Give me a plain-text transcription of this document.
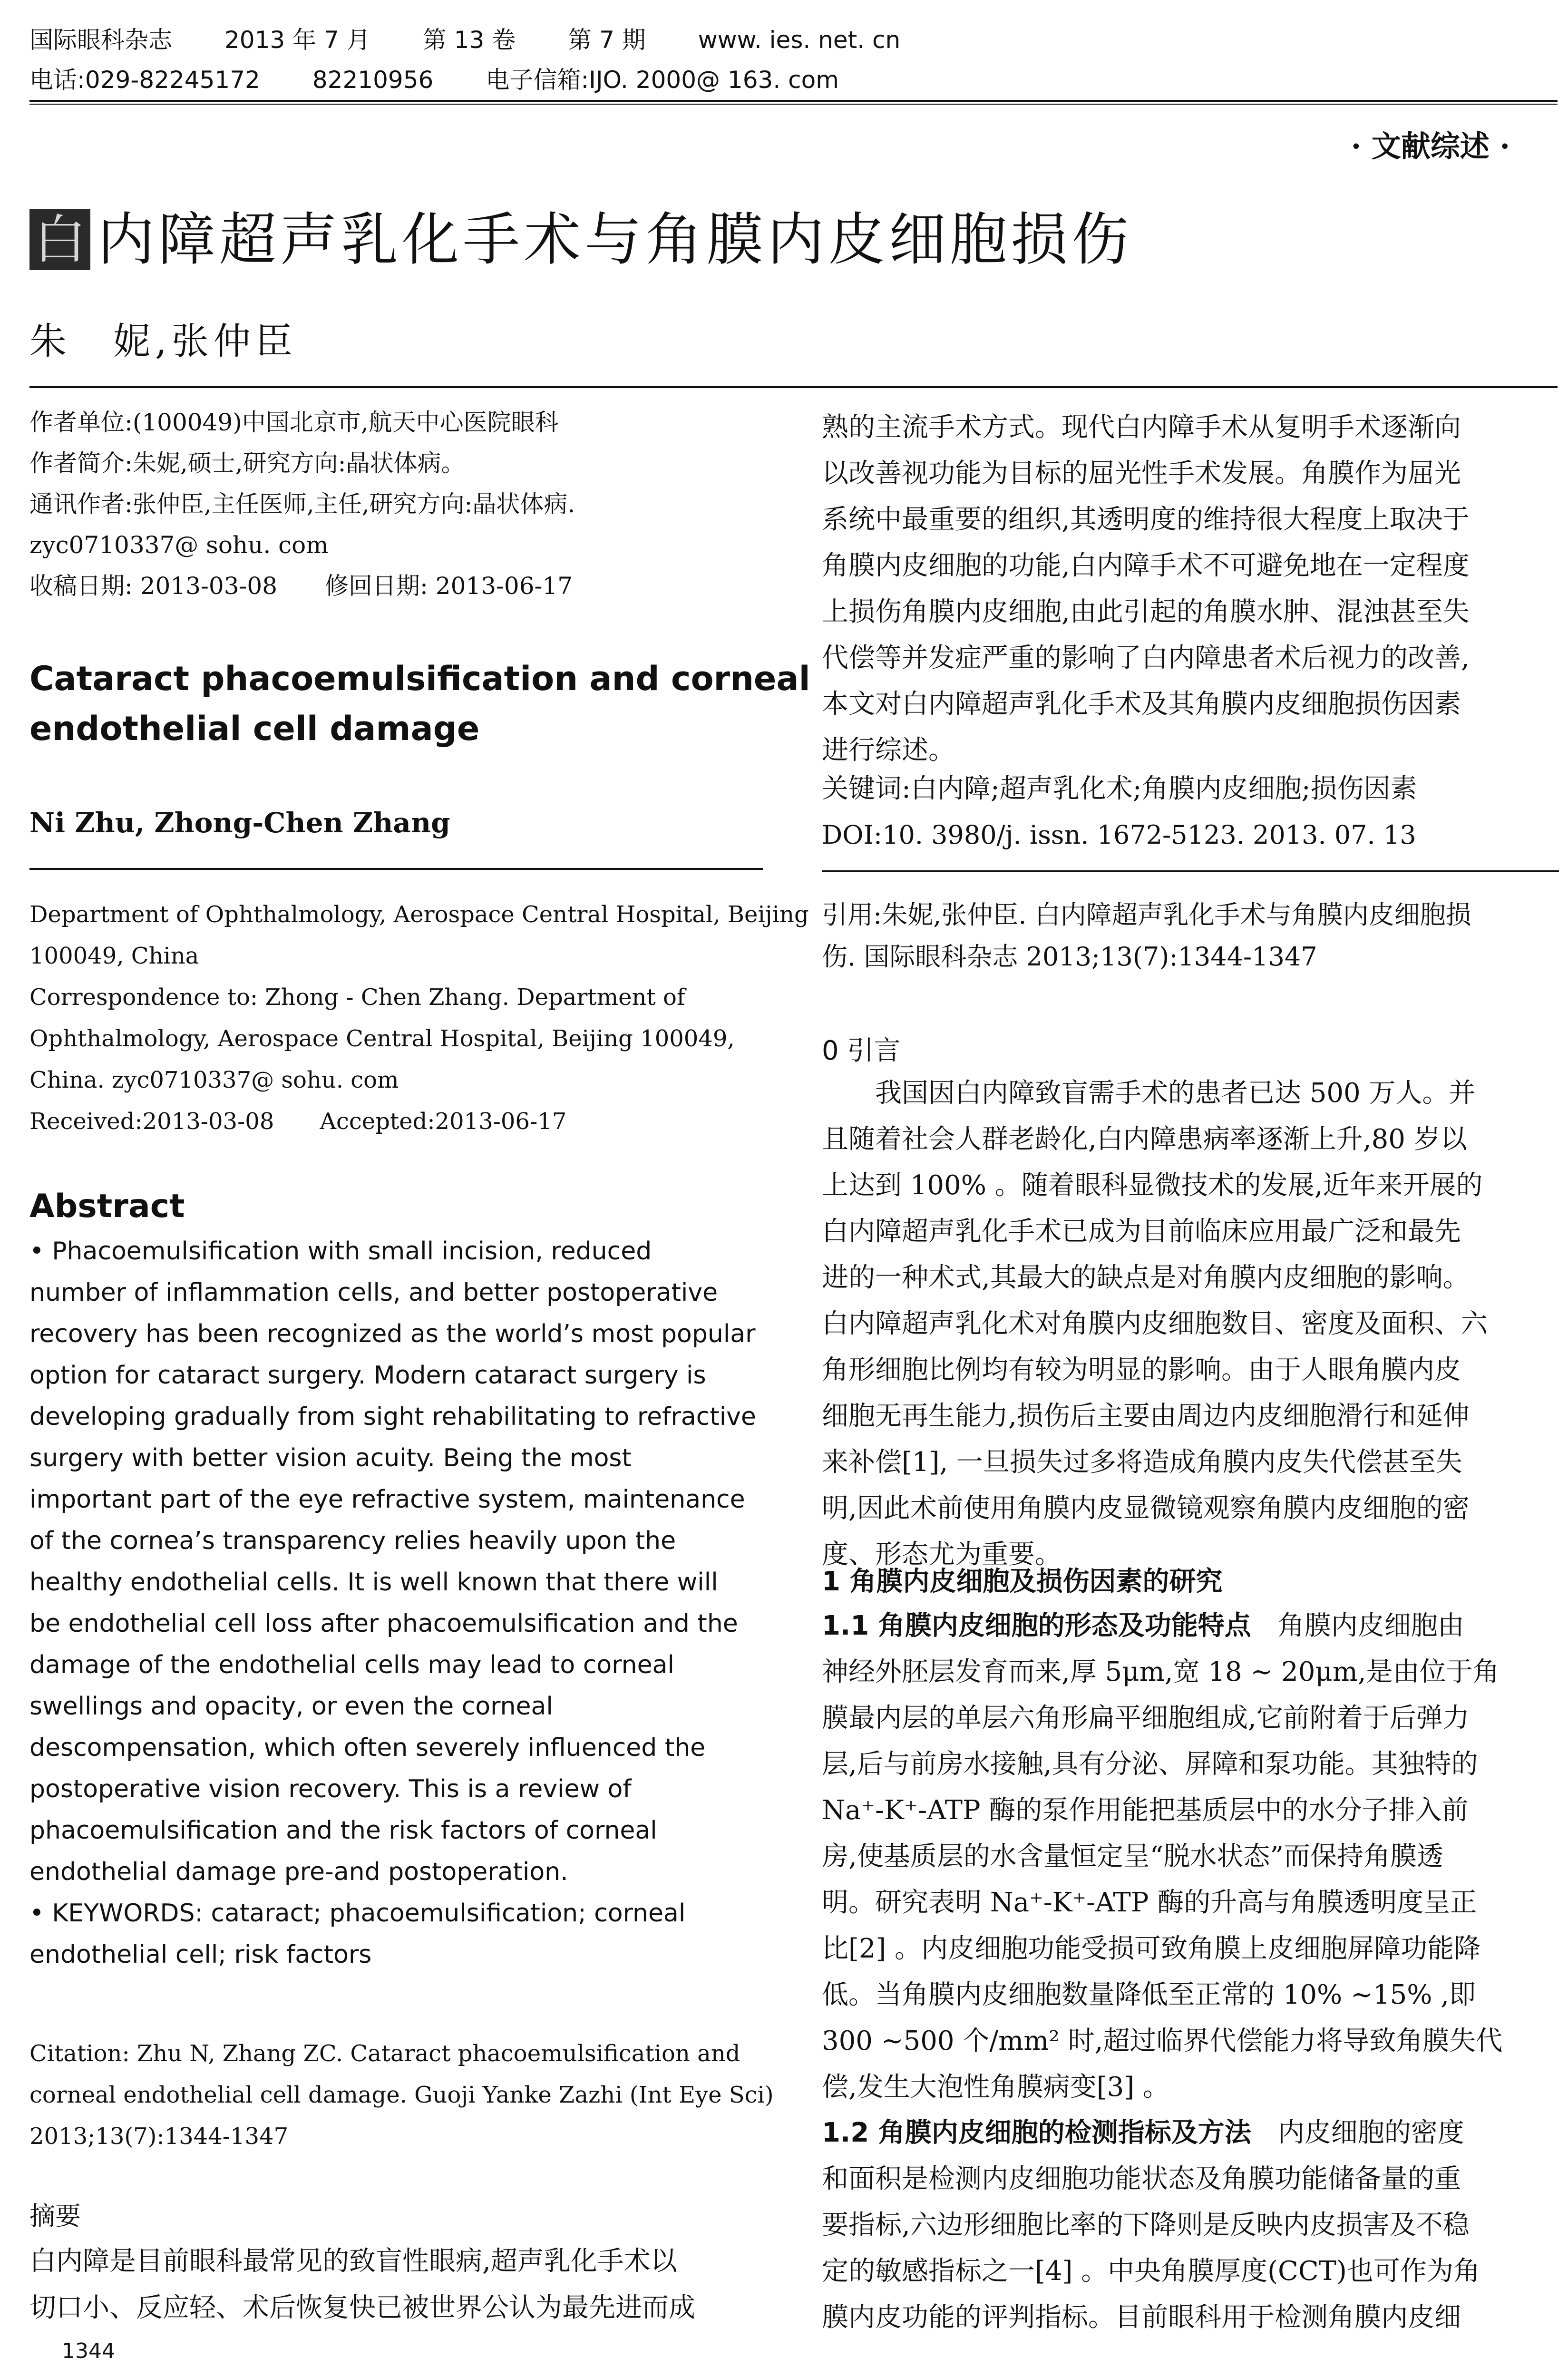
国际眼科杂志 2013 年 7 月 第 13 卷 第 7 期 www. ies. net. cn
电话:029-82245172 82210956 电子信箱:IJO. 2000@ 163. com
· 文献综述 ·
白 内障超声乳化手术与角膜内皮细胞损伤
朱　妮,张仲臣
作者单位:(100049)中国北京市,航天中心医院眼科
作者简介:朱妮,硕士,研究方向:晶状体病。
通讯作者:张仲臣,主任医师,主任,研究方向:晶状体病.
zyc0710337@ sohu. com
收稿日期: 2013-03-08　　修回日期: 2013-06-17
Cataract phacoemulsification and corneal
endothelial cell damage
Ni Zhu, Zhong-Chen Zhang
Department of Ophthalmology, Aerospace Central Hospital, Beijing
100049, China
Correspondence to: Zhong - Chen Zhang. Department of
Ophthalmology, Aerospace Central Hospital, Beijing 100049,
China. zyc0710337@ sohu. com
Received:2013-03-08　　Accepted:2013-06-17
Abstract
• Phacoemulsification with small incision, reduced
number of inflammation cells, and better postoperative
recovery has been recognized as the world’s most popular
option for cataract surgery. Modern cataract surgery is
developing gradually from sight rehabilitating to refractive
surgery with better vision acuity. Being the most
important part of the eye refractive system, maintenance
of the cornea’s transparency relies heavily upon the
healthy endothelial cells. It is well known that there will
be endothelial cell loss after phacoemulsification and the
damage of the endothelial cells may lead to corneal
swellings and opacity, or even the corneal
descompensation, which often severely influenced the
postoperative vision recovery. This is a review of
phacoemulsification and the risk factors of corneal
endothelial damage pre-and postoperation.
• KEYWORDS: cataract; phacoemulsification; corneal
endothelial cell; risk factors
Citation: Zhu N, Zhang ZC. Cataract phacoemulsification and
corneal endothelial cell damage. Guoji Yanke Zazhi (Int Eye Sci)
2013;13(7):1344-1347
摘要
白内障是目前眼科最常见的致盲性眼病,超声乳化手术以
切口小、反应轻、术后恢复快已被世界公认为最先进而成
1344
熟的主流手术方式。现代白内障手术从复明手术逐渐向
以改善视功能为目标的屈光性手术发展。角膜作为屈光
系统中最重要的组织,其透明度的维持很大程度上取决于
角膜内皮细胞的功能,白内障手术不可避免地在一定程度
上损伤角膜内皮细胞,由此引起的角膜水肿、混浊甚至失
代偿等并发症严重的影响了白内障患者术后视力的改善,
本文对白内障超声乳化手术及其角膜内皮细胞损伤因素
进行综述。
关键词:白内障;超声乳化术;角膜内皮细胞;损伤因素
DOI:10. 3980/j. issn. 1672-5123. 2013. 07. 13
引用:朱妮,张仲臣. 白内障超声乳化手术与角膜内皮细胞损
伤. 国际眼科杂志 2013;13(7):1344-1347
0 引言
　　我国因白内障致盲需手术的患者已达 500 万人。并
且随着社会人群老龄化,白内障患病率逐渐上升,80 岁以
上达到 100% 。随着眼科显微技术的发展,近年来开展的
白内障超声乳化手术已成为目前临床应用最广泛和最先
进的一种术式,其最大的缺点是对角膜内皮细胞的影响。
白内障超声乳化术对角膜内皮细胞数目、密度及面积、六
角形细胞比例均有较为明显的影响。由于人眼角膜内皮
细胞无再生能力,损伤后主要由周边内皮细胞滑行和延伸
来补偿[1], 一旦损失过多将造成角膜内皮失代偿甚至失
明,因此术前使用角膜内皮显微镜观察角膜内皮细胞的密
度、形态尤为重要。
1 角膜内皮细胞及损伤因素的研究
1.1 角膜内皮细胞的形态及功能特点　角膜内皮细胞由
神经外胚层发育而来,厚 5μm,宽 18 ~ 20μm,是由位于角
膜最内层的单层六角形扁平细胞组成,它前附着于后弹力
层,后与前房水接触,具有分泌、屏障和泵功能。其独特的
Na⁺-K⁺-ATP 酶的泵作用能把基质层中的水分子排入前
房,使基质层的水含量恒定呈“脱水状态”而保持角膜透
明。研究表明 Na⁺-K⁺-ATP 酶的升高与角膜透明度呈正
比[2] 。内皮细胞功能受损可致角膜上皮细胞屏障功能降
低。当角膜内皮细胞数量降低至正常的 10% ~15% ,即
300 ~500 个/mm² 时,超过临界代偿能力将导致角膜失代
偿,发生大泡性角膜病变[3] 。
1.2 角膜内皮细胞的检测指标及方法　内皮细胞的密度
和面积是检测内皮细胞功能状态及角膜功能储备量的重
要指标,六边形细胞比率的下降则是反映内皮损害及不稳
定的敏感指标之一[4] 。中央角膜厚度(CCT)也可作为角
膜内皮功能的评判指标。目前眼科用于检测角膜内皮细
